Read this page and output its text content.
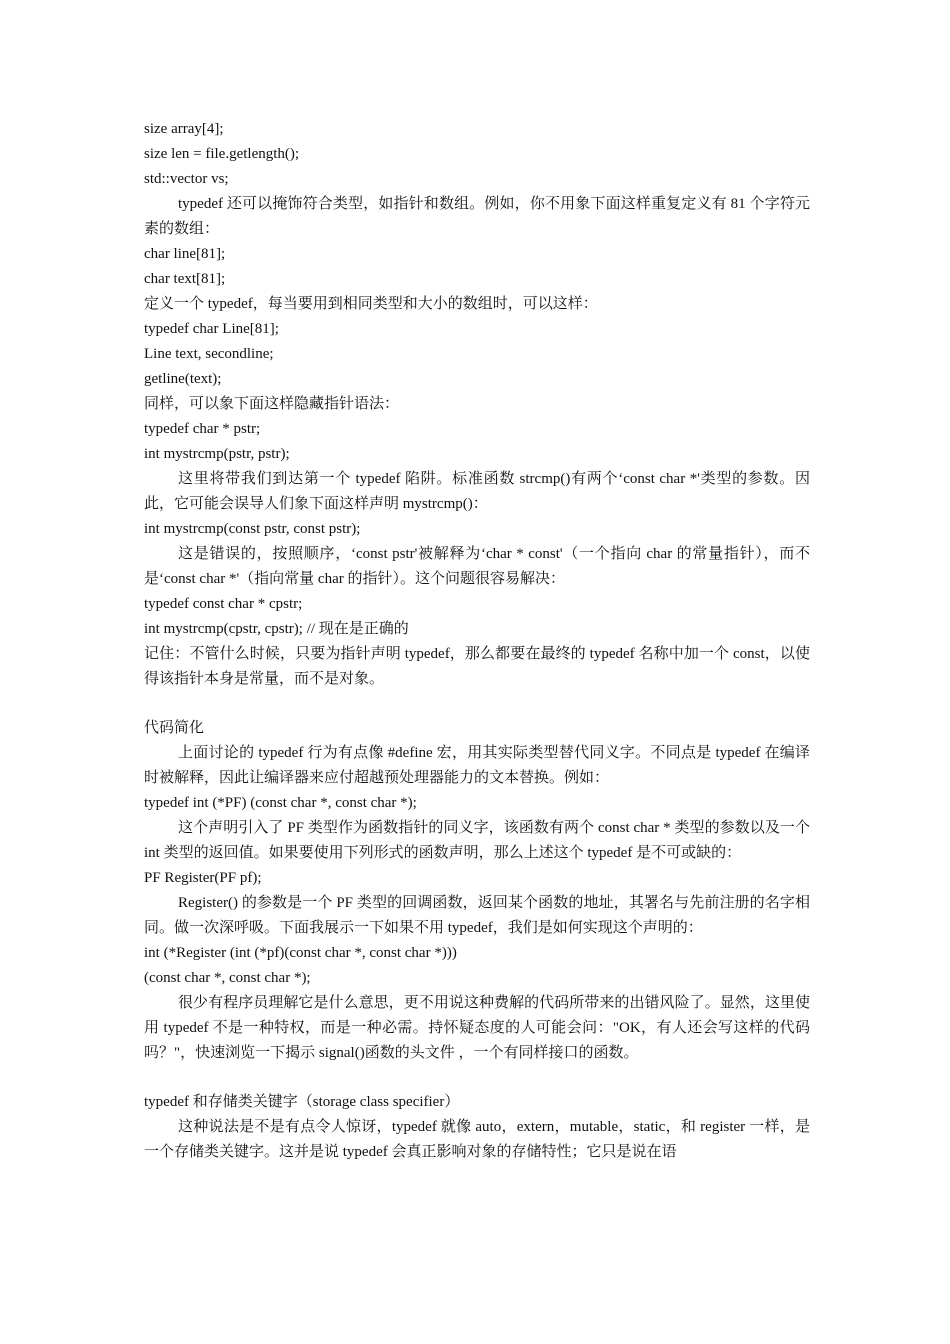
size array[4];

size len = file.getlength();

std::vector vs;

typedef 还可以掩饰符合类型，如指针和数组。例如，你不用象下面这样重复定义有 81 个字符元素的数组：

char line[81];

char text[81];

定义一个 typedef，每当要用到相同类型和大小的数组时，可以这样：

typedef char Line[81];

Line text, secondline;

getline(text);

同样，可以象下面这样隐藏指针语法：

typedef char * pstr;

int mystrcmp(pstr, pstr);

这里将带我们到达第一个 typedef 陷阱。标准函数 strcmp()有两个‘const char *'类型的参数。因此，它可能会误导人们象下面这样声明 mystrcmp()：

int mystrcmp(const pstr, const pstr);

这是错误的，按照顺序，‘const pstr'被解释为‘char * const'（一个指向 char 的常量指针），而不是‘const char *'（指向常量 char 的指针）。这个问题很容易解决：

typedef const char * cpstr;

int mystrcmp(cpstr, cpstr); // 现在是正确的

记住：不管什么时候，只要为指针声明 typedef，那么都要在最终的 typedef 名称中加一个 const，以使得该指针本身是常量，而不是对象。

代码简化

上面讨论的 typedef 行为有点像 #define 宏，用其实际类型替代同义字。不同点是 typedef 在编译时被解释，因此让编译器来应付超越预处理器能力的文本替换。例如：

typedef int (*PF) (const char *, const char *);

这个声明引入了 PF 类型作为函数指针的同义字，该函数有两个 const char * 类型的参数以及一个 int 类型的返回值。如果要使用下列形式的函数声明，那么上述这个 typedef 是不可或缺的：

PF Register(PF pf);

Register() 的参数是一个 PF 类型的回调函数，返回某个函数的地址，其署名与先前注册的名字相同。做一次深呼吸。下面我展示一下如果不用 typedef，我们是如何实现这个声明的：

int (*Register (int (*pf)(const char *, const char *)))

(const char *, const char *);

很少有程序员理解它是什么意思，更不用说这种费解的代码所带来的出错风险了。显然，这里使用 typedef 不是一种特权，而是一种必需。持怀疑态度的人可能会问："OK，有人还会写这样的代码吗？"，快速浏览一下揭示 signal()函数的头文件 ，一个有同样接口的函数。

typedef 和存储类关键字（storage class specifier）

这种说法是不是有点令人惊讶，typedef 就像 auto，extern，mutable，static，和 register 一样，是一个存储类关键字。这并是说 typedef 会真正影响对象的存储特性；它只是说在语
